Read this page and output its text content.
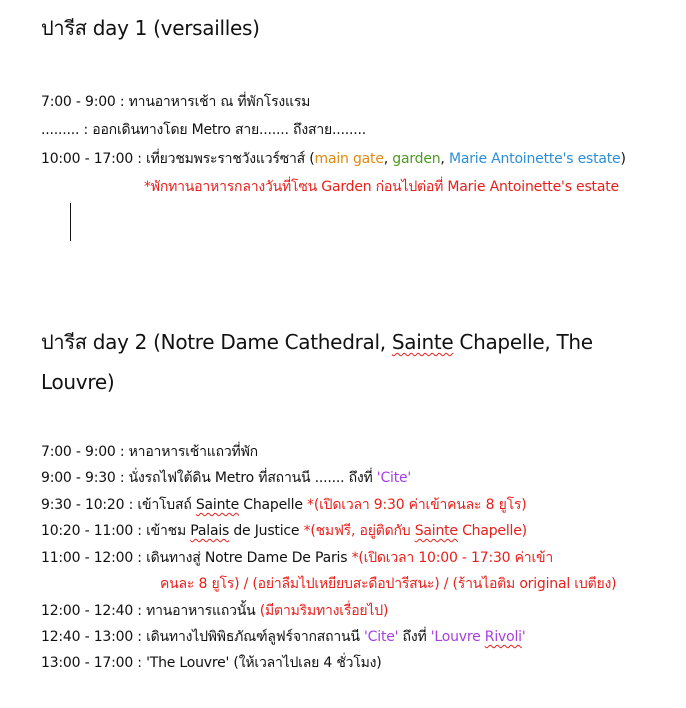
ปารีส day 1 (versailles)
7:00 - 9:00 : ทานอาหารเช้า ณ ที่พักโรงแรม
......... : ออกเดินทางโดย Metro สาย....... ถึงสาย........
10:00 - 17:00 : เที่ยวชมพระราชวังแวร์ซาส์ (main gate, garden, Marie Antoinette's estate)
*พักทานอาหารกลางวันที่โซน Garden ก่อนไปต่อที่ Marie Antoinette's estate
ปารีส day 2 (Notre Dame Cathedral, Sainte Chapelle, The
Louvre)
7:00 - 9:00 : หาอาหารเช้าแถวที่พัก
9:00 - 9:30 : นั่งรถไฟใต้ดิน Metro ที่สถานนี ....... ถึงที่ 'Cite'
9:30 - 10:20 : เข้าโบสถ์ Sainte Chapelle *(เปิดเวลา 9:30 ค่าเข้าคนละ 8 ยูโร)
10:20 - 11:00 : เข้าชม Palais de Justice *(ชมฟรี, อยู่ติดกับ Sainte Chapelle)
11:00 - 12:00 : เดินทางสู่ Notre Dame De Paris *(เปิดเวลา 10:00 - 17:30 ค่าเข้า
คนละ 8 ยูโร) / (อย่าลืมไปเหยียบสะดือปารีสนะ) / (ร้านไอติม original เบตียง)
12:00 - 12:40 : ทานอาหารแถวนั้น (มีตามริมทางเรื่อยไป)
12:40 - 13:00 : เดินทางไปพิพิธภัณฑ์ลูฟร์จากสถานนี 'Cite' ถึงที่ 'Louvre Rivoli'
13:00 - 17:00 : 'The Louvre' (ให้เวลาไปเลย 4 ชั่วโมง)
